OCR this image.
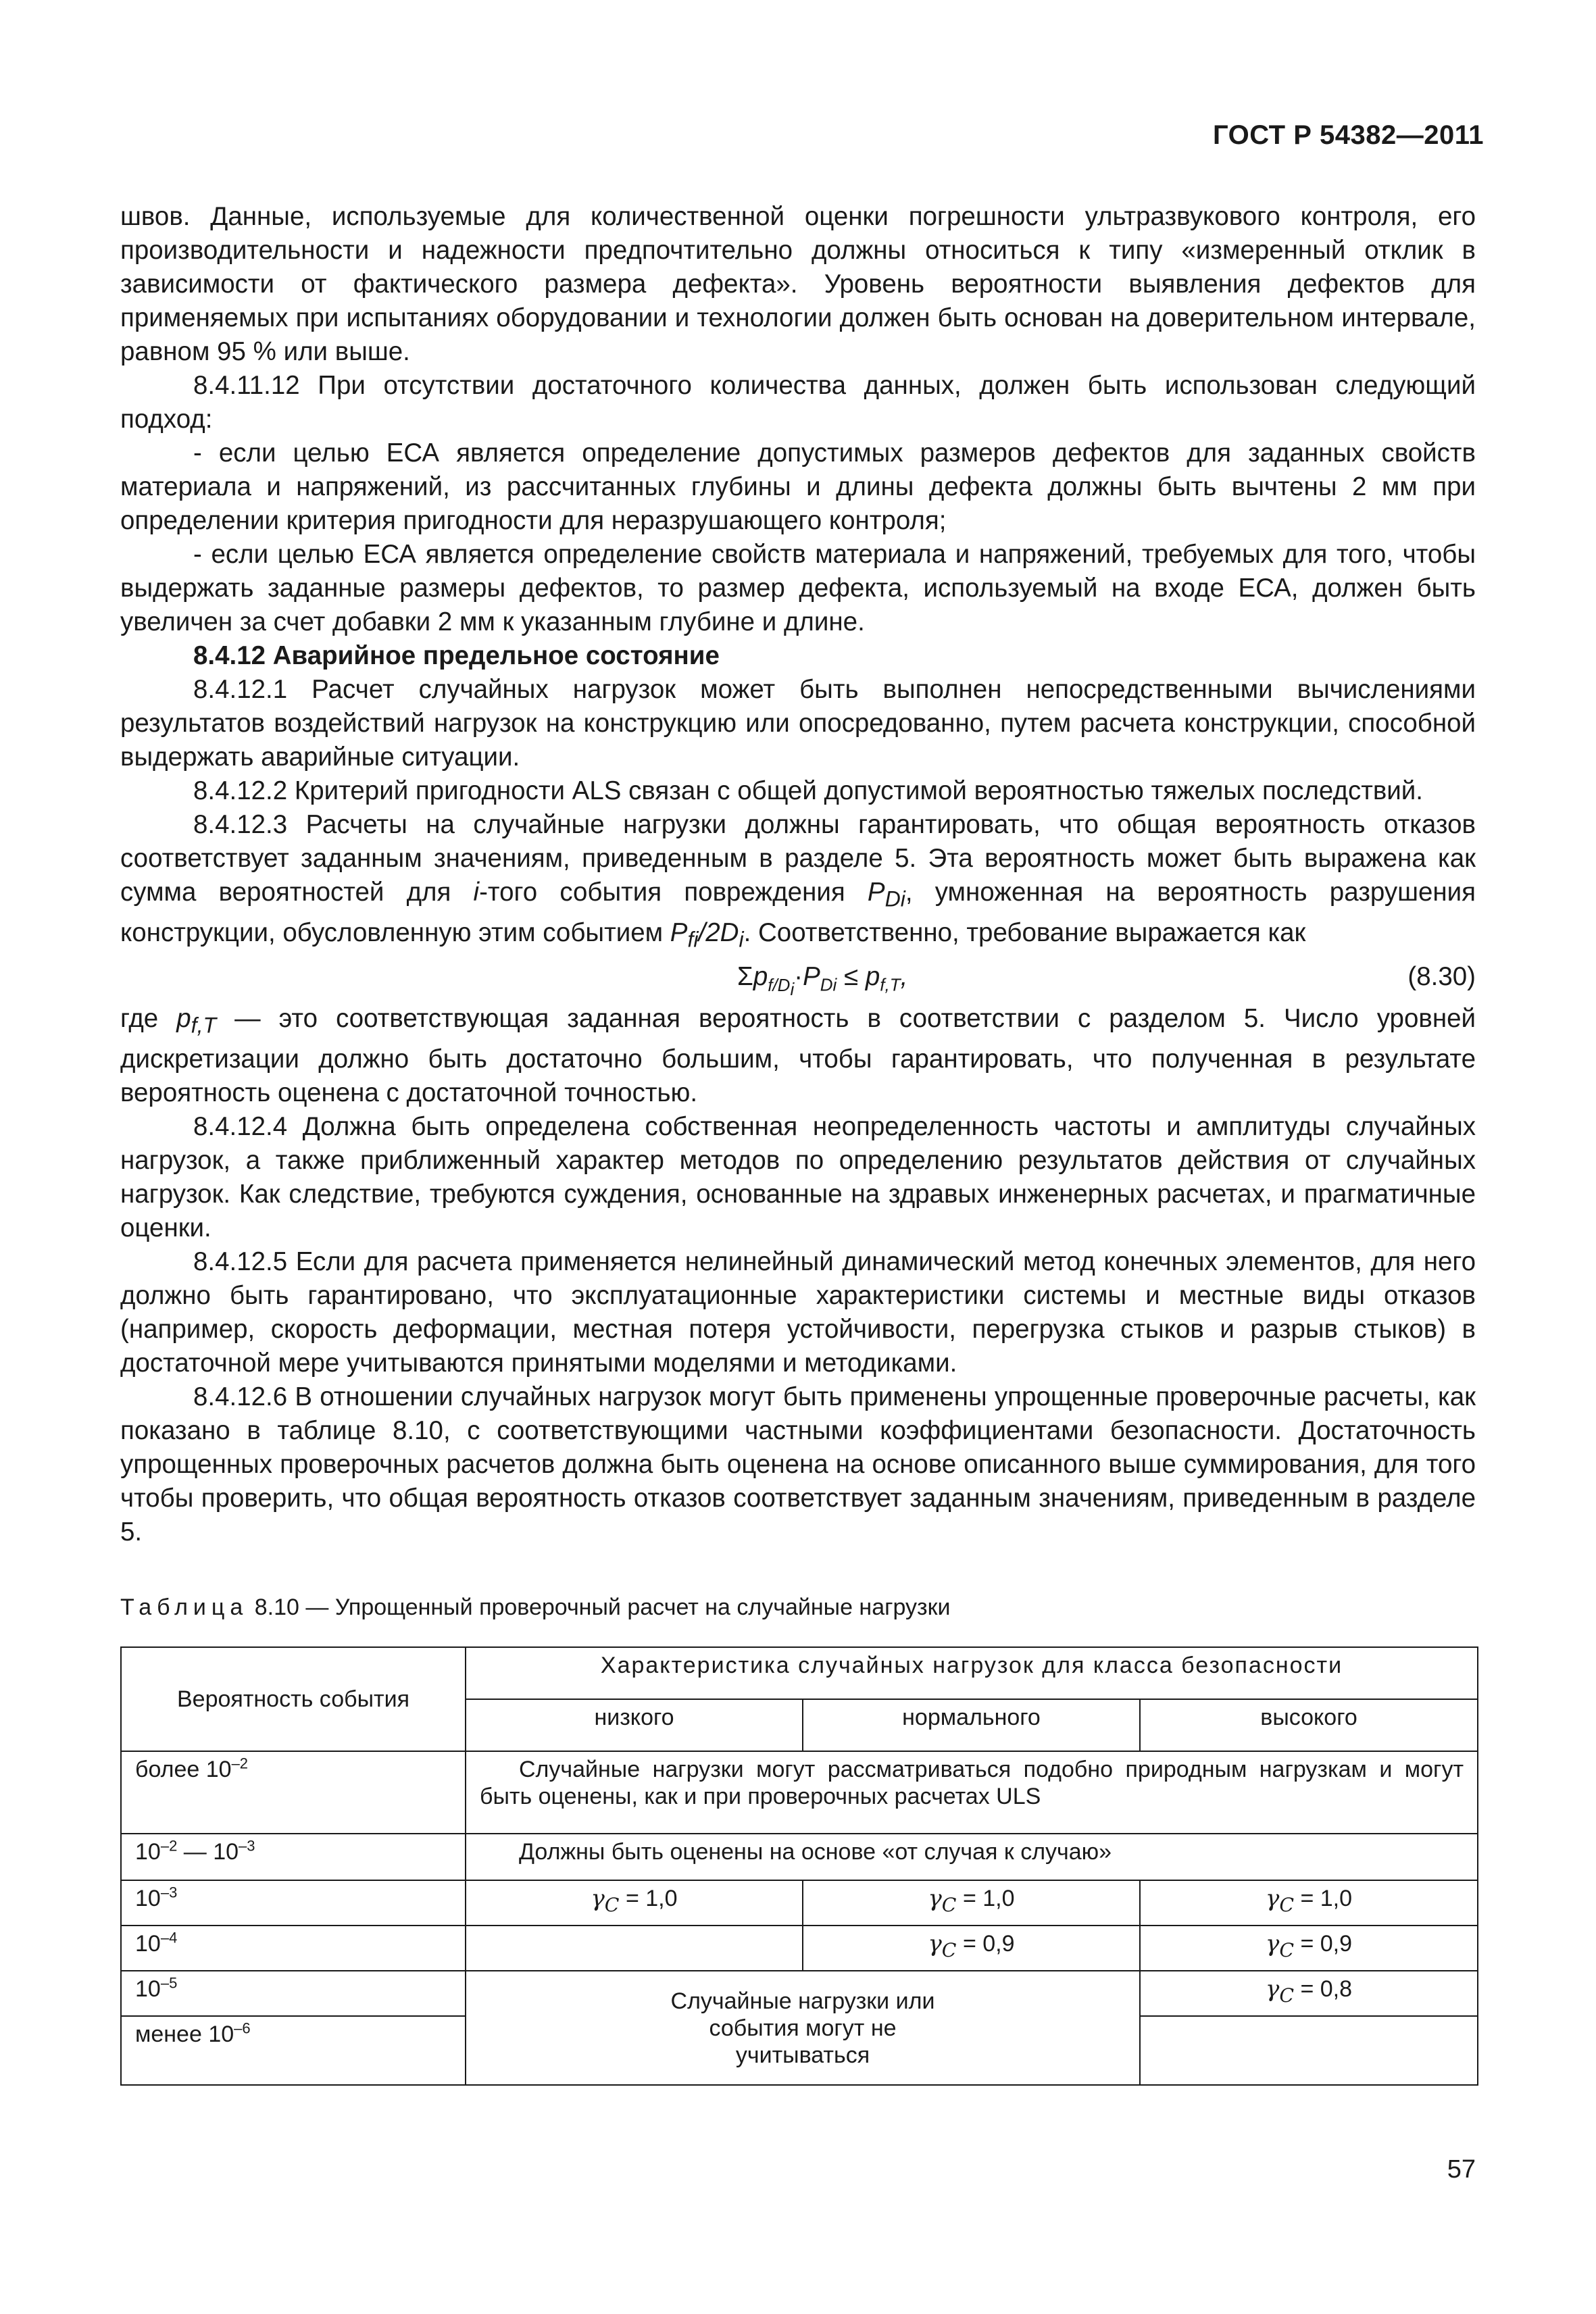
ГОСТ Р 54382—2011

швов. Данные, используемые для количественной оценки погрешности ультразвукового контроля, его производительности и надежности предпочтительно должны относиться к типу «измеренный отклик в зависимости от фактического размера дефекта». Уровень вероятности выявления дефектов для применяемых при испытаниях оборудовании и технологии должен быть основан на доверительном интервале, равном 95 % или выше.

8.4.11.12 При отсутствии достаточного количества данных, должен быть использован следующий подход:

- если целью ЕСА является определение допустимых размеров дефектов для заданных свойств материала и напряжений, из рассчитанных глубины и длины дефекта должны быть вычтены 2 мм при определении критерия пригодности для неразрушающего контроля;

- если целью ЕСА является определение свойств материала и напряжений, требуемых для того, чтобы выдержать заданные размеры дефектов, то размер дефекта, используемый на входе ЕСА, должен быть увеличен за счет добавки 2 мм к указанным глубине и длине.

8.4.12 Аварийное предельное состояние

8.4.12.1 Расчет случайных нагрузок может быть выполнен непосредственными вычислениями результатов воздействий нагрузок на конструкцию или опосредованно, путем расчета конструкции, способной выдержать аварийные ситуации.

8.4.12.2 Критерий пригодности ALS связан с общей допустимой вероятностью тяжелых последствий.

8.4.12.3 Расчеты на случайные нагрузки должны гарантировать, что общая вероятность отказов соответствует заданным значениям, приведенным в разделе 5. Эта вероятность может быть выражена как сумма вероятностей для i-того события повреждения $P_{Di}$, умноженная на вероятность разрушения конструкции, обусловленную этим событием $P_{fi}/2D_i$. Соответственно, требование выражается как

$\Sigma p_{f/D_i}\cdot P_{Di} \le p_{f,T}$,	(8.30)

где $p_{f,T}$ — это соответствующая заданная вероятность в соответствии с разделом 5. Число уровней дискретизации должно быть достаточно большим, чтобы гарантировать, что полученная в результате вероятность оценена с достаточной точностью.

8.4.12.4 Должна быть определена собственная неопределенность частоты и амплитуды случайных нагрузок, а также приближенный характер методов по определению результатов действия от случайных нагрузок. Как следствие, требуются суждения, основанные на здравых инженерных расчетах, и прагматичные оценки.

8.4.12.5 Если для расчета применяется нелинейный динамический метод конечных элементов, для него должно быть гарантировано, что эксплуатационные характеристики системы и местные виды отказов (например, скорость деформации, местная потеря устойчивости, перегрузка стыков и разрыв стыков) в достаточной мере учитываются принятыми моделями и методиками.

8.4.12.6 В отношении случайных нагрузок могут быть применены упрощенные проверочные расчеты, как показано в таблице 8.10, с соответствующими частными коэффициентами безопасности. Достаточность упрощенных проверочных расчетов должна быть оценена на основе описанного выше суммирования, для того чтобы проверить, что общая вероятность отказов соответствует заданным значениям, приведенным в разделе 5.

Таблица 8.10 — Упрощенный проверочный расчет на случайные нагрузки
Вероятность события	Характеристика случайных нагрузок для класса безопасности		
	низкого	нормального	высокого
более $10^{-2}$	Случайные нагрузки могут рассматриваться подобно природным нагрузкам и могут быть оценены, как и при проверочных расчетах ULS		
$10^{-2}$ — $10^{-3}$	Должны быть оценены на основе «от случая к случаю»		
$10^{-3}$	$\gamma_C = 1,0$	$\gamma_C = 1,0$	$\gamma_C = 1,0$
$10^{-4}$		$\gamma_C = 0,9$	$\gamma_C = 0,9$
$10^{-5}$	Случайные нагрузки или события могут не учитываться		$\gamma_C = 0,8$
менее $10^{-6}$	
57
